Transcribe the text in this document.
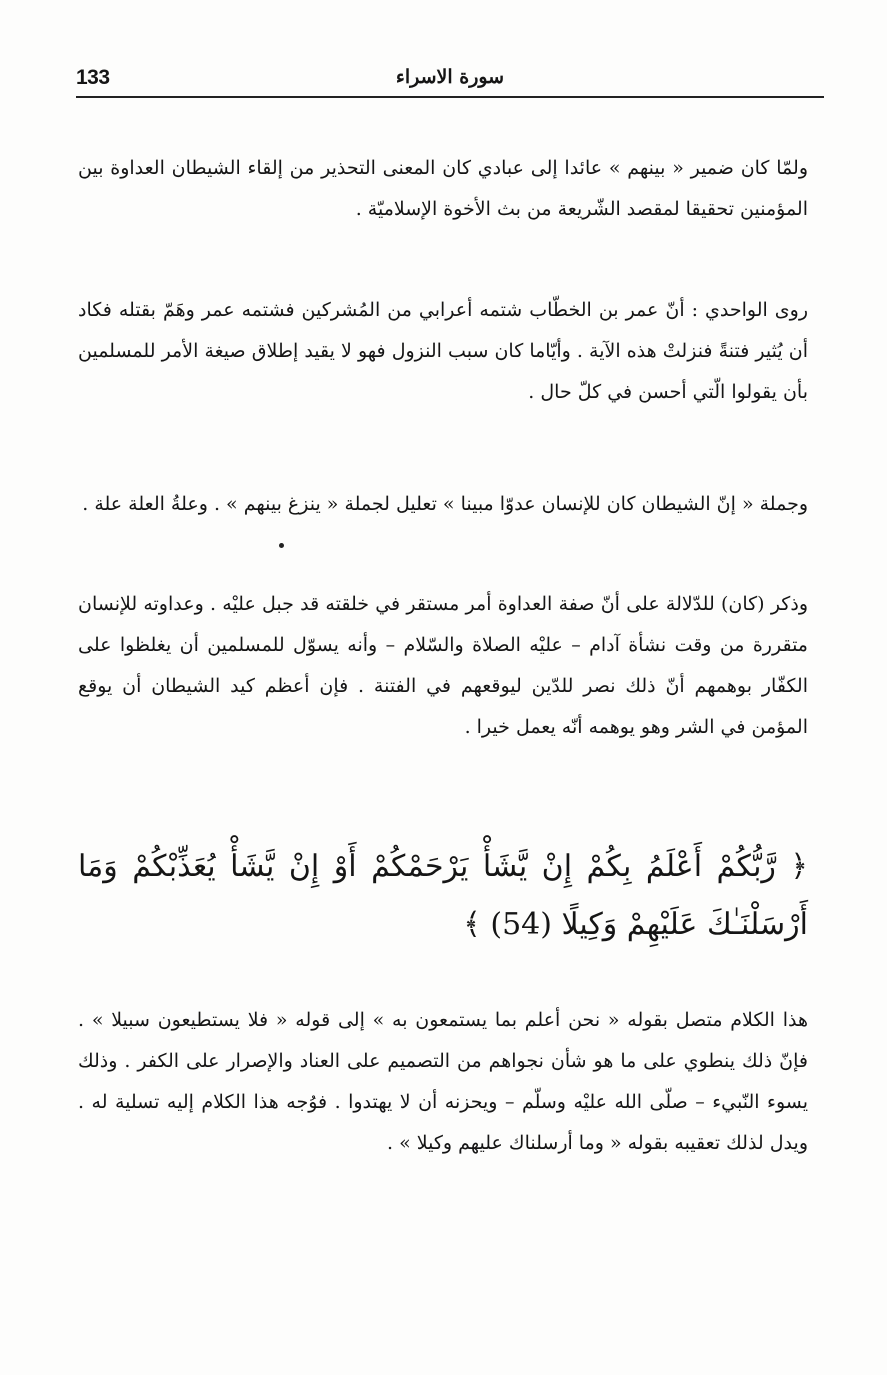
133	سورة الاسراء

ولمّا كان ضمير « بينهم » عائدا إلى عبادي كان المعنى التحذير من إلقاء الشيطان العداوة بين المؤمنين تحقيقا لمقصد الشّريعة من بث الأخوة الإسلاميّة .

روى الواحدي : أنّ عمر بن الخطّاب شتمه أعرابي من المُشركين فشتمه عمر وهَمّ بقتله فكاد أن يُثير فتنةً فنزلتْ هذه الآية . وأيّاما كان سبب النزول فهو لا يقيد إطلاق صيغة الأمر للمسلمين بأن يقولوا الّتي أحسن في كلّ حال .

وجملة « إنّ الشيطان كان للإنسان عدوّا مبينا » تعليل لجملة « ينزغ بينهم » . وعلةُ العلة علة .

وذكر (كان) للدّلالة على أنّ صفة العداوة أمر مستقر في خلقته قد جبل عليْه . وعداوته للإنسان متقررة من وقت نشأة آدام – عليْه الصلاة والسّلام – وأنه يسوّل للمسلمين أن يغلظوا على الكفّار بوهمهم أنّ ذلك نصر للدّين ليوقعهم في الفتنة . فإن أعظم كيد الشيطان أن يوقع المؤمن في الشر وهو يوهمه أنّه يعمل خيرا .

﴿ رَّبُّكُمْ أَعْلَمُ بِكُمْ إِنْ يَّشَأْ يَرْحَمْكُمْ أَوْ إِنْ يَّشَأْ يُعَذِّبْكُمْ وَمَا أَرْسَلْنَـٰكَ عَلَيْهِمْ وَكِيلًا (54) ﴾

هذا الكلام متصل بقوله « نحن أعلم بما يستمعون به » إلى قوله « فلا يستطيعون سبيلا » . فإنّ ذلك ينطوي على ما هو شأن نجواهم من التصميم على العناد والإصرار على الكفر . وذلك يسوء النّبيء – صلّى الله عليْه وسلّم – ويحزنه أن لا يهتدوا . فوُجه هذا الكلام إليه تسلية له . ويدل لذلك تعقيبه بقوله « وما أرسلناك عليهم وكيلا » .
